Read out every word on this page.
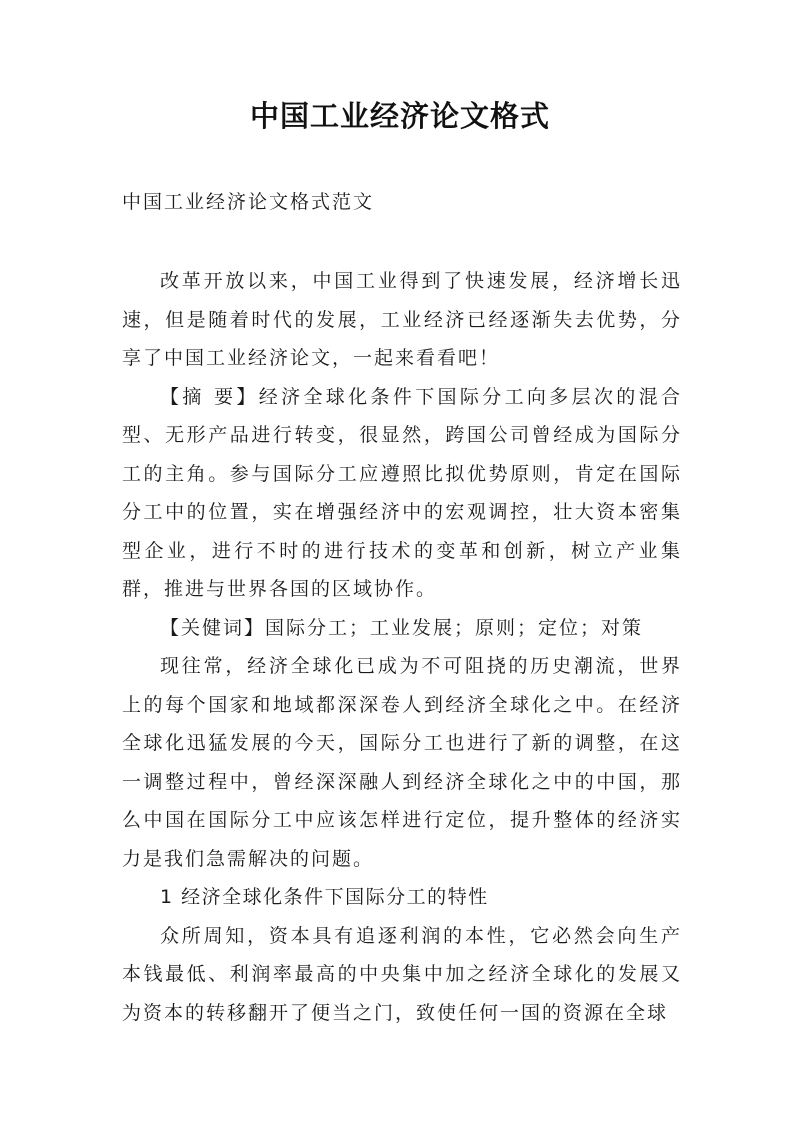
中国工业经济论文格式
中国工业经济论文格式范文

改革开放以来，中国工业得到了快速发展，经济增长迅速，但是随着时代的发展，工业经济已经逐渐失去优势，分享了中国工业经济论文，一起来看看吧！

【摘 要】经济全球化条件下国际分工向多层次的混合型、无形产品进行转变，很显然，跨国公司曾经成为国际分工的主角。参与国际分工应遵照比拟优势原则，肯定在国际分工中的位置，实在增强经济中的宏观调控，壮大资本密集型企业，进行不时的进行技术的变革和创新，树立产业集群，推进与世界各国的区域协作。

【关健词】国际分工；工业发展；原则；定位；对策

现往常，经济全球化已成为不可阻挠的历史潮流，世界上的每个国家和地域都深深卷人到经济全球化之中。在经济全球化迅猛发展的今天，国际分工也进行了新的调整，在这一调整过程中，曾经深深融人到经济全球化之中的中国，那么中国在国际分工中应该怎样进行定位，提升整体的经济实力是我们急需解决的问题。

1 经济全球化条件下国际分工的特性

众所周知，资本具有追逐利润的本性，它必然会向生产本钱最低、利润率最高的中央集中加之经济全球化的发展又为资本的转移翻开了便当之门，致使任何一国的资源在全球
